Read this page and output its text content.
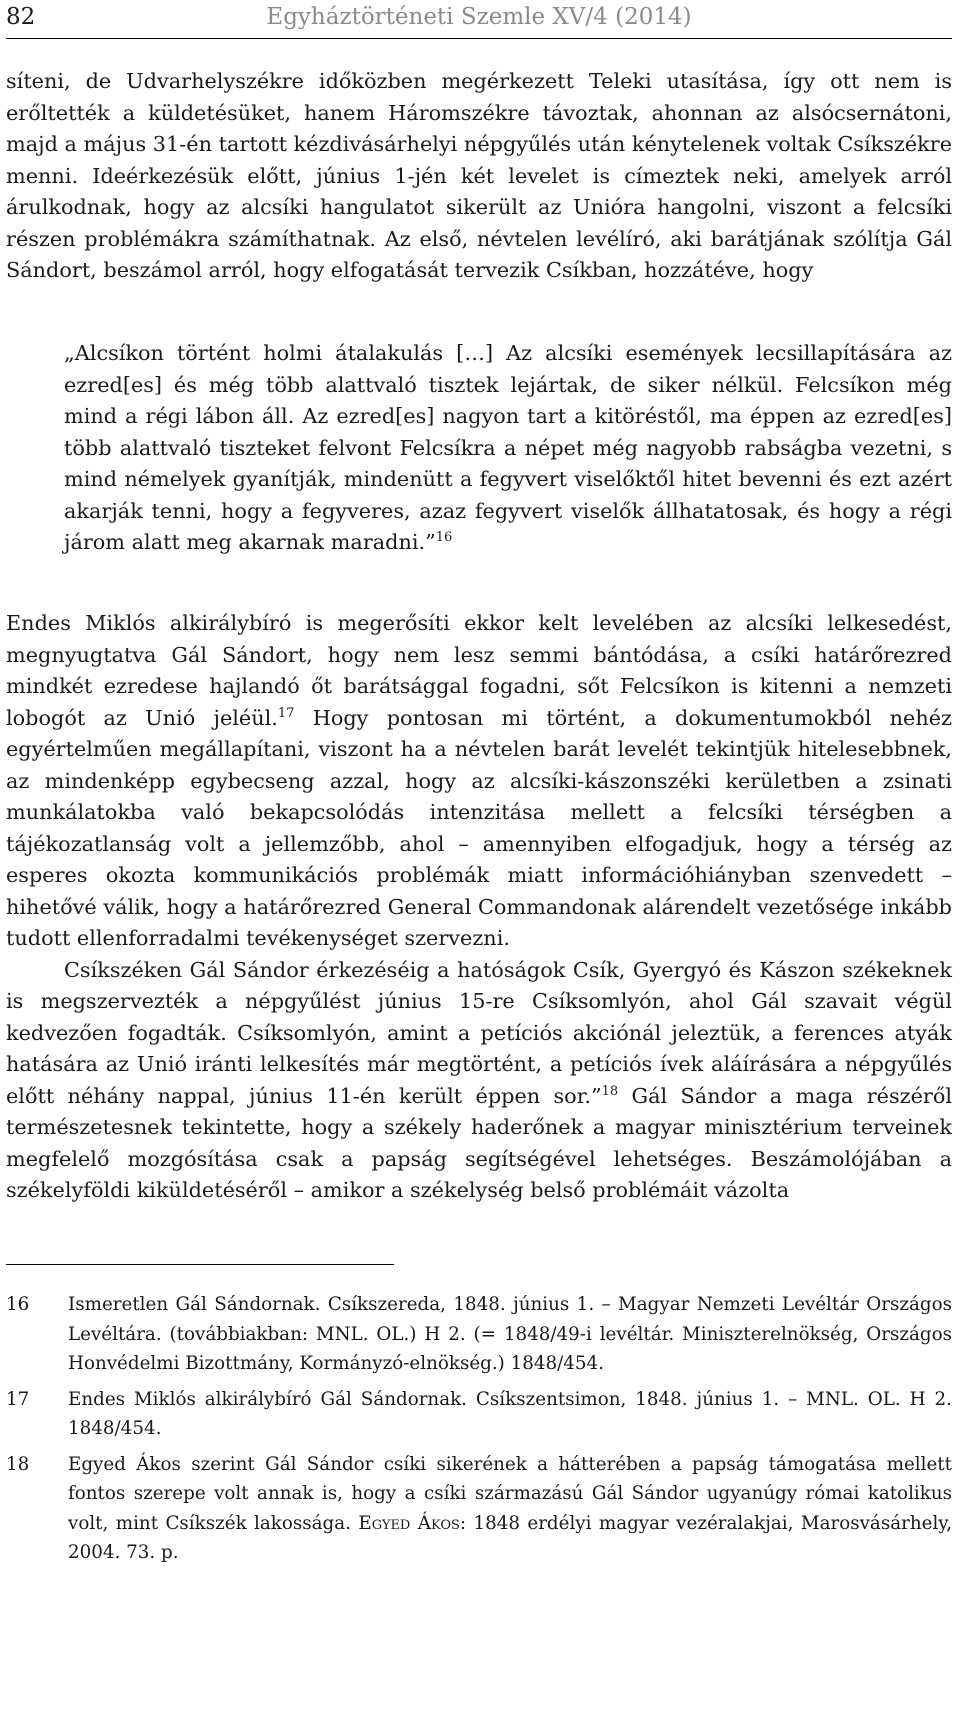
82	Egyháztörténeti Szemle XV/4 (2014)

síteni, de Udvarhelyszékre időközben megérkezett Teleki utasítása, így ott nem is erőltették a küldetésüket, hanem Háromszékre távoztak, ahonnan az alsócsernátoni, majd a május 31-én tartott kézdivásárhelyi népgyűlés után kénytelenek voltak Csíkszékre menni. Ideérkezésük előtt, június 1-jén két levelet is címeztek neki, amelyek arról árulkodnak, hogy az alcsíki hangulatot sikerült az Unióra hangolni, viszont a felcsíki részen problémákra számíthatnak. Az első, névtelen levélíró, aki barátjának szólítja Gál Sándort, beszámol arról, hogy elfogatását tervezik Csíkban, hozzátéve, hogy

„Alcsíkon történt holmi átalakulás […] Az alcsíki események lecsillapítására az ezred[es] és még több alattvaló tisztek lejártak, de siker nélkül. Felcsíkon még mind a régi lábon áll. Az ezred[es] nagyon tart a kitöréstől, ma éppen az ezred[es] több alattvaló tiszteket felvont Felcsíkra a népet még nagyobb rabságba vezetni, s mind némelyek gyanítják, mindenütt a fegyvert viselőktől hitet bevenni és ezt azért akarják tenni, hogy a fegyveres, azaz fegyvert viselők állhatatosak, és hogy a régi járom alatt meg akarnak maradni.”$^{16}$

Endes Miklós alkirálybíró is megerősíti ekkor kelt levelében az alcsíki lelkesedést, megnyugtatva Gál Sándort, hogy nem lesz semmi bántódása, a csíki határőrezred mindkét ezredese hajlandó őt barátsággal fogadni, sőt Felcsíkon is kitenni a nemzeti lobogót az Unió jeléül.$^{17}$ Hogy pontosan mi történt, a dokumentumokból nehéz egyértelműen megállapítani, viszont ha a névtelen barát levelét tekintjük hitelesebbnek, az mindenképp egybecseng azzal, hogy az alcsíki-kászonszéki kerületben a zsinati munkálatokba való bekapcsolódás intenzitása mellett a felcsíki térségben a tájékozatlanság volt a jellemzőbb, ahol – amennyiben elfogadjuk, hogy a térség az esperes okozta kommunikációs problémák miatt információhiányban szenvedett – hihetővé válik, hogy a határőrezred General Commandonak alárendelt vezetősége inkább tudott ellenforradalmi tevékenységet szervezni.

Csíkszéken Gál Sándor érkezéséig a hatóságok Csík, Gyergyó és Kászon székeknek is megszervezték a népgyűlést június 15-re Csíksomlyón, ahol Gál szavait végül kedvezően fogadták. Csíksomlyón, amint a petíciós akciónál jeleztük, a ferences atyák hatására az Unió iránti lelkesítés már megtörtént, a petíciós ívek aláírására a népgyűlés előtt néhány nappal, június 11-én került éppen sor.”$^{18}$ Gál Sándor a maga részéről természetesnek tekintette, hogy a székely haderőnek a magyar minisztérium terveinek megfelelő mozgósítása csak a papság segítségével lehetséges. Beszámolójában a székelyföldi kiküldetéséről – amikor a székelység belső problémáit vázolta

16 Ismeretlen Gál Sándornak. Csíkszereda, 1848. június 1. – Magyar Nemzeti Levéltár Országos Levéltára. (továbbiakban: MNL. OL.) H 2. (= 1848/49-i levéltár. Miniszterelnökség, Országos Honvédelmi Bizottmány, Kormányzó-elnökség.) 1848/454.
17 Endes Miklós alkirálybíró Gál Sándornak. Csíkszentsimon, 1848. június 1. – MNL. OL. H 2. 1848/454.
18 Egyed Ákos szerint Gál Sándor csíki sikerének a hátterében a papság támogatása mellett fontos szerepe volt annak is, hogy a csíki származású Gál Sándor ugyanúgy római katolikus volt, mint Csíkszék lakossága. Egyed Ákos: 1848 erdélyi magyar vezéralakjai, Marosvásárhely, 2004. 73. p.
